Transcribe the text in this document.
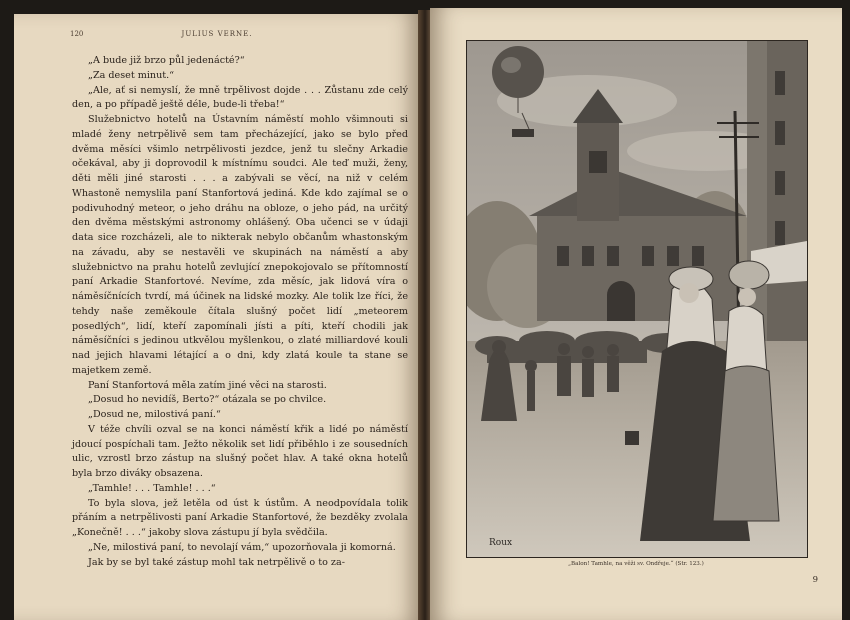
120	JULIUS VERNE.

„A bude již brzo půl jedenácté?“

„Za deset minut.“

„Ale, ať si nemyslí, že mně trpělivost dojde . . . Zůstanu zde celý den, a po případě ještě déle, bude-li třeba!“

Služebnictvo hotelů na Ústavním náměstí mohlo všimnouti si mladé ženy netrpělivě sem tam přecházející, jako se bylo před dvěma měsíci všimlo netrpělivosti jezdce, jenž tu slečny Arkadie očekával, aby ji doprovodil k místnímu soudci. Ale teď muži, ženy, děti měli jiné starosti . . . a zabývali se věcí, na niž v celém Whastoně nemyslila paní Stanfortová jediná. Kde kdo zajímal se o podivuhodný meteor, o jeho dráhu na obloze, o jeho pád, na určitý den dvěma městskými astronomy ohlášený. Oba učenci se v údaji data sice rozcházeli, ale to nikterak nebylo občanům whastonským na závadu, aby se nestavěli ve skupinách na náměstí a aby služebnictvo na prahu hotelů zevlující znepokojovalo se přítomností paní Arkadie Stanfortové. Nevíme, zda měsíc, jak lidová víra o náměsíčnících tvrdí, má účinek na lidské mozky. Ale tolik lze říci, že tehdy naše zeměkoule čítala slušný počet lidí „meteorem posedlých“, lidí, kteří zapomínali jísti a píti, kteří chodili jak náměsíčníci s jedinou utkvělou myšlenkou, o zlaté milliardové kouli nad jejich hlavami létající a o dni, kdy zlatá koule ta stane se majetkem země.

Paní Stanfortová měla zatím jiné věci na starosti.

„Dosud ho nevidíš, Berto?“ otázala se po chvilce.

„Dosud ne, milostivá paní.“

V téže chvíli ozval se na konci náměstí křik a lidé po náměstí jdoucí pospíchali tam. Ježto několik set lidí přiběhlo i ze sousedních ulic, vzrostl brzo zástup na slušný počet hlav. A také okna hotelů byla brzo diváky obsazena.

„Tamhle! . . . Tamhle! . . .“

To byla slova, jež letěla od úst k ústům. A neodpovídala tolik přáním a netrpělivosti paní Arkadie Stanfortové, že bezděky zvolala „Konečně! . . .“ jakoby slova zástupu jí byla svědčila.

„Ne, milostivá paní, to nevolají vám,“ upozorňovala ji komorná.

Jak by se byl také zástup mohl tak netrpělivě o to za-

Roux
„Balon! Tamhle, na věži sv. Ondřeje.“ (Str. 123.)
9
